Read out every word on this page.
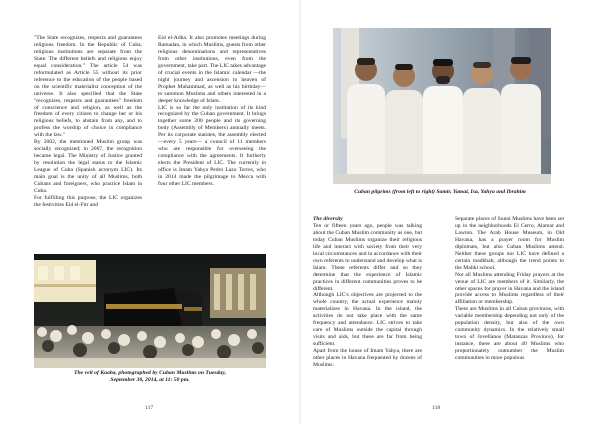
"The State recognizes, respects and guarantees religious freedom. In the Republic of Cuba, religious institutions are separate from the State. The different beliefs and religions enjoy equal consideration." The article 54 was reformulated as Article 55 without its prior reference to the education of the people based on the scientific materialist conception of the universe. It also specified that the State "recognizes, respects and guarantees" freedom of conscience and religion, as well as the freedom of every citizen to change her or his religious beliefs, to abstain from any, and to profess the worship of choice in compliance with the law."
By 2002, the mentioned Muslim group was socially recognized; in 2007, the recognition became legal. The Ministry of Justice granted by resolution the legal status to the Islamic League of Cuba (Spanish acronym LIC). Its main goal is the unity of all Muslims, both Cubans and foreigners, who practice Islam in Cuba.
For fulfilling this purpose, the LIC organizes the festivities Eid el-Fitr and

Eid el-Adha. It also promotes meetings during Ramadan, in which Muslims, guests from other religious denominations and representatives from other institutions, even from the government, take part. The LIC takes advantage of crucial events in the Islamic calendar —the night journey and ascension to heaven of Prophet Muhammad, as well as his birthday—to summon Muslims and others interested in a deeper knowledge of Islam.
LIC is so far the only institution of its kind recognized by the Cuban government. It brings together some 200 people and its governing body (Assembly of Members) annually meets. Per its corporate statutes, the assembly elected —every 5 years— a council of 11 members who are responsible for overseeing the compliance with the agreements. It furtherly elects the President of LIC. The currently in office is Imam Yahya Pedro Lazo Torres, who in 2014 made the pilgrimage to Mecca with four other LIC members.

The veil of Kaaba, photographed by Cuban Muslims on Tuesday,
September 30, 2014, at 11: 50 pm.

117

Cuban pilgrims (from left to right) Samir, Yamal, Isa, Yahya and Ibrahim

The diversity
Ten or fifteen years ago, people was talking about the Cuban Muslim community as one, but today Cuban Muslims organize their religious life and interact with society from their very local circumstances and in accordance with their own referents to understand and develop what is Islam. These referents differ and so they determine that the experience of Islamic practices in different communities proves to be different.
Although LIC's objectives are projected to the whole country, the actual experience mainly materializes in Havana. In the island, the activities do not take place with the same frequency and attendance. LIC strives to take care of Muslims outside the capital through visits and aids, but these are far from being sufficient.
Apart from the house of Imam Yahya, there are other places in Havana frequented by dozens of Muslims.

Separate places of Sunni Muslims have been set up in the neighborhoods El Cerro, Alamar and Lawton. The Arab House Museum, in Old Havana, has a prayer room for Muslim diplomats, but also Cuban Muslims attend. Neither these groups nor LIC have defined a certain madhhab, although the trend points to the Maliki school.
Not all Muslims attending Friday prayers at the venue of LIC are members of it. Similarly, the other spaces for prayer in Havana and the island provide access to Muslims regardless of their affiliation or membership.
There are Muslims in all Cuban provinces, with variable membership depending not only of the population density, but also of the own community dynamics. In the relatively small town of Jovellanos (Matanzas Province), for instance, there are about 40 Muslims who proportionately outnumber the Muslim communities in more populous

118
